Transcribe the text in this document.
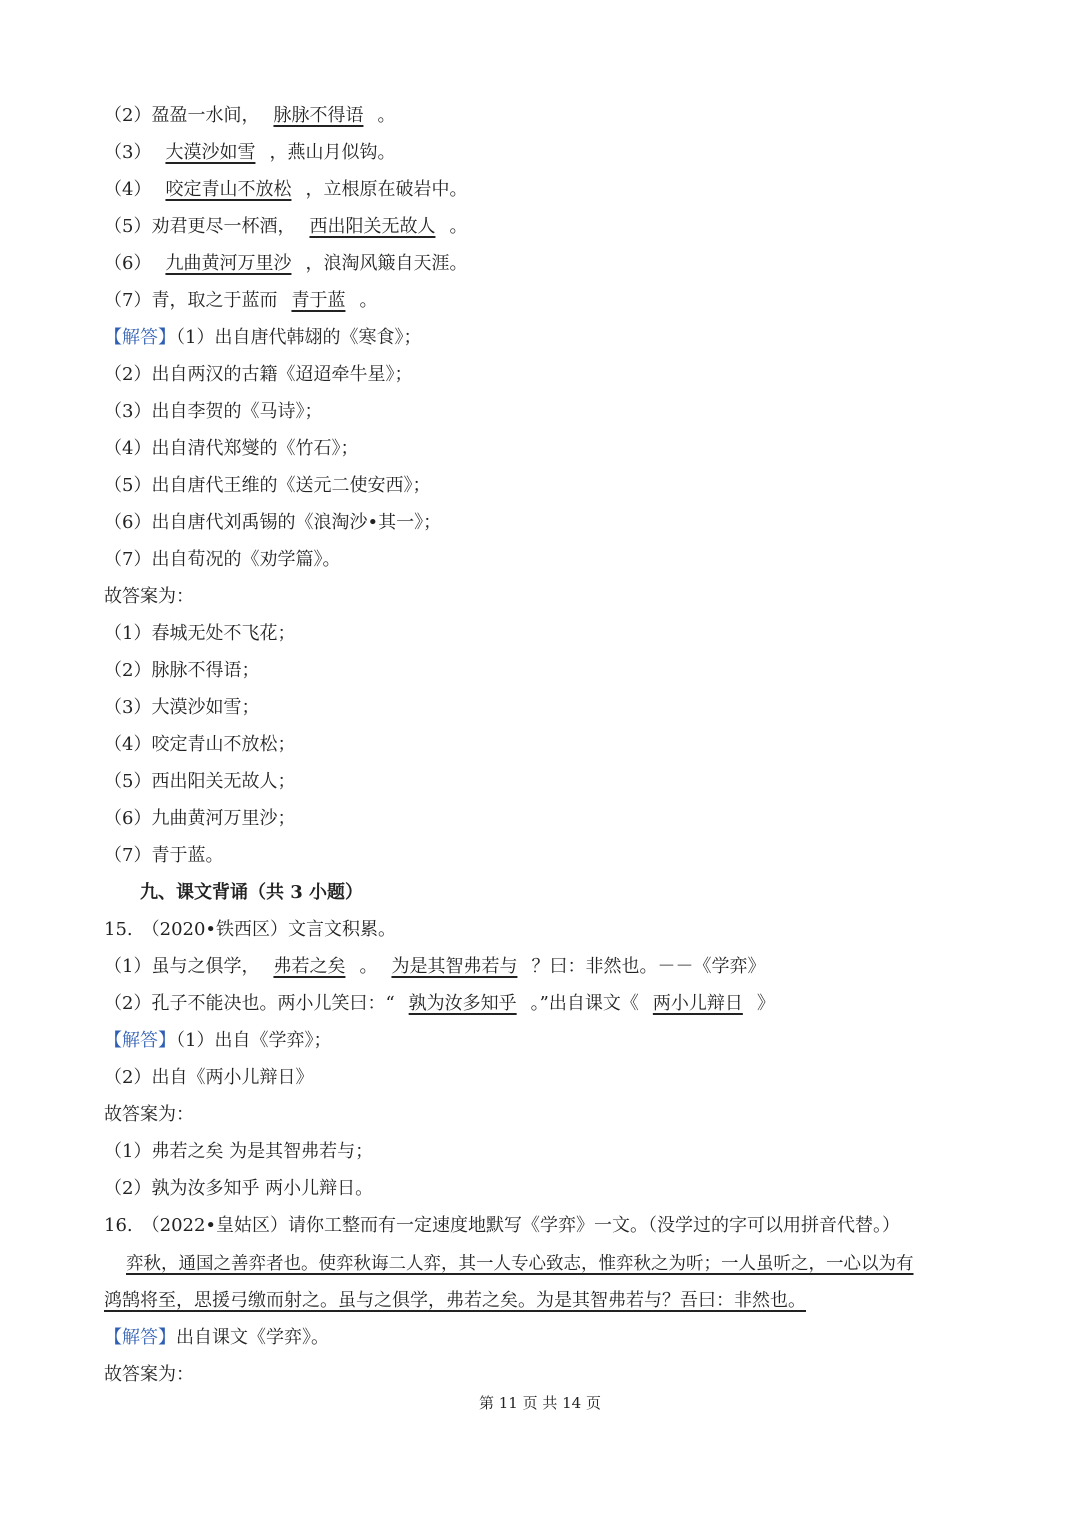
（2）盈盈一水间， 脉脉不得语 。
（3） 大漠沙如雪 ，燕山月似钩。
（4） 咬定青山不放松 ，立根原在破岩中。
（5）劝君更尽一杯酒， 西出阳关无故人 。
（6） 九曲黄河万里沙 ，浪淘风簸自天涯。
（7）青，取之于蓝而 青于蓝 。
【解答】（1）出自唐代韩翃的《寒食》；
（2）出自两汉的古籍《迢迢牵牛星》；
（3）出自李贺的《马诗》；
（4）出自清代郑燮的《竹石》；
（5）出自唐代王维的《送元二使安西》；
（6）出自唐代刘禹锡的《浪淘沙•其一》；
（7）出自荀况的《劝学篇》。
故答案为：
（1）春城无处不飞花；
（2）脉脉不得语；
（3）大漠沙如雪；
（4）咬定青山不放松；
（5）西出阳关无故人；
（6）九曲黄河万里沙；
（7）青于蓝。
九、课文背诵（共 3 小题）
15.　（2020•铁西区）文言文积累。
（1）虽与之俱学， 弗若之矣 。 为是其智弗若与 ？曰：非然也。－－《学弈》
（2）孔子不能决也。两小儿笑曰：“ 孰为汝多知乎 。”出自课文《 两小儿辩日 》
【解答】（1）出自《学弈》；
（2）出自《两小儿辩日》
故答案为：
（1）弗若之矣 为是其智弗若与；
（2）孰为汝多知乎 两小儿辩日。
16.　（2022•皇姑区）请你工整而有一定速度地默写《学弈》一文。（没学过的字可以用拼音代替。）
弈秋，通国之善弈者也。使弈秋诲二人弈，其一人专心致志，惟弈秋之为听；一人虽听之，一心以为有
鸿鹄将至，思援弓缴而射之。虽与之俱学，弗若之矣。为是其智弗若与？吾曰：非然也。
【解答】出自课文《学弈》。
故答案为：
第 11 页 共 14 页
